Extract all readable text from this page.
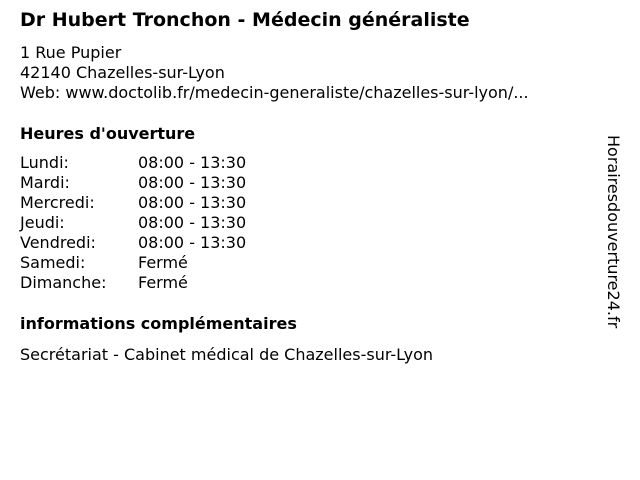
Dr Hubert Tronchon - Médecin généraliste
1 Rue Pupier
42140 Chazelles-sur-Lyon
Web: www.doctolib.fr/medecin-generaliste/chazelles-sur-lyon/...
Heures d'ouverture
Lundi:	08:00 - 13:30
Mardi:	08:00 - 13:30
Mercredi:	08:00 - 13:30
Jeudi:	08:00 - 13:30
Vendredi:	08:00 - 13:30
Samedi:	Fermé
Dimanche:	Fermé
informations complémentaires
Secrétariat - Cabinet médical de Chazelles-sur-Lyon
Horairesdouverture24.fr
